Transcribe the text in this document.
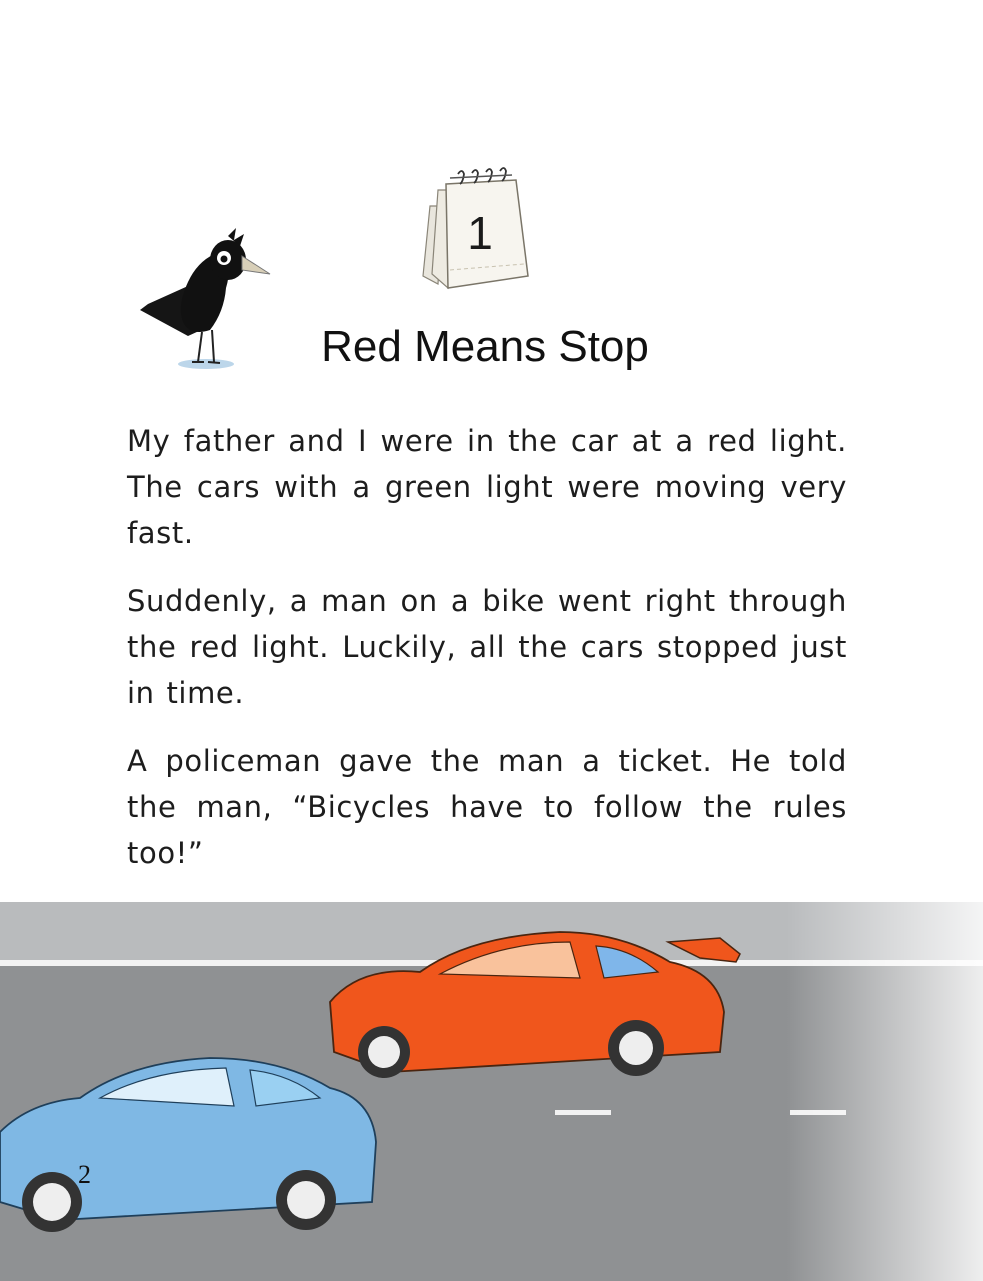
1
Red Means Stop

My father and I were in the car at a red light. The cars with a green light were moving very fast.

Suddenly, a man on a bike went right through the red light. Luckily, all the cars stopped just in time.

A policeman gave the man a ticket. He told the man, “Bicycles have to follow the rules too!”

2
